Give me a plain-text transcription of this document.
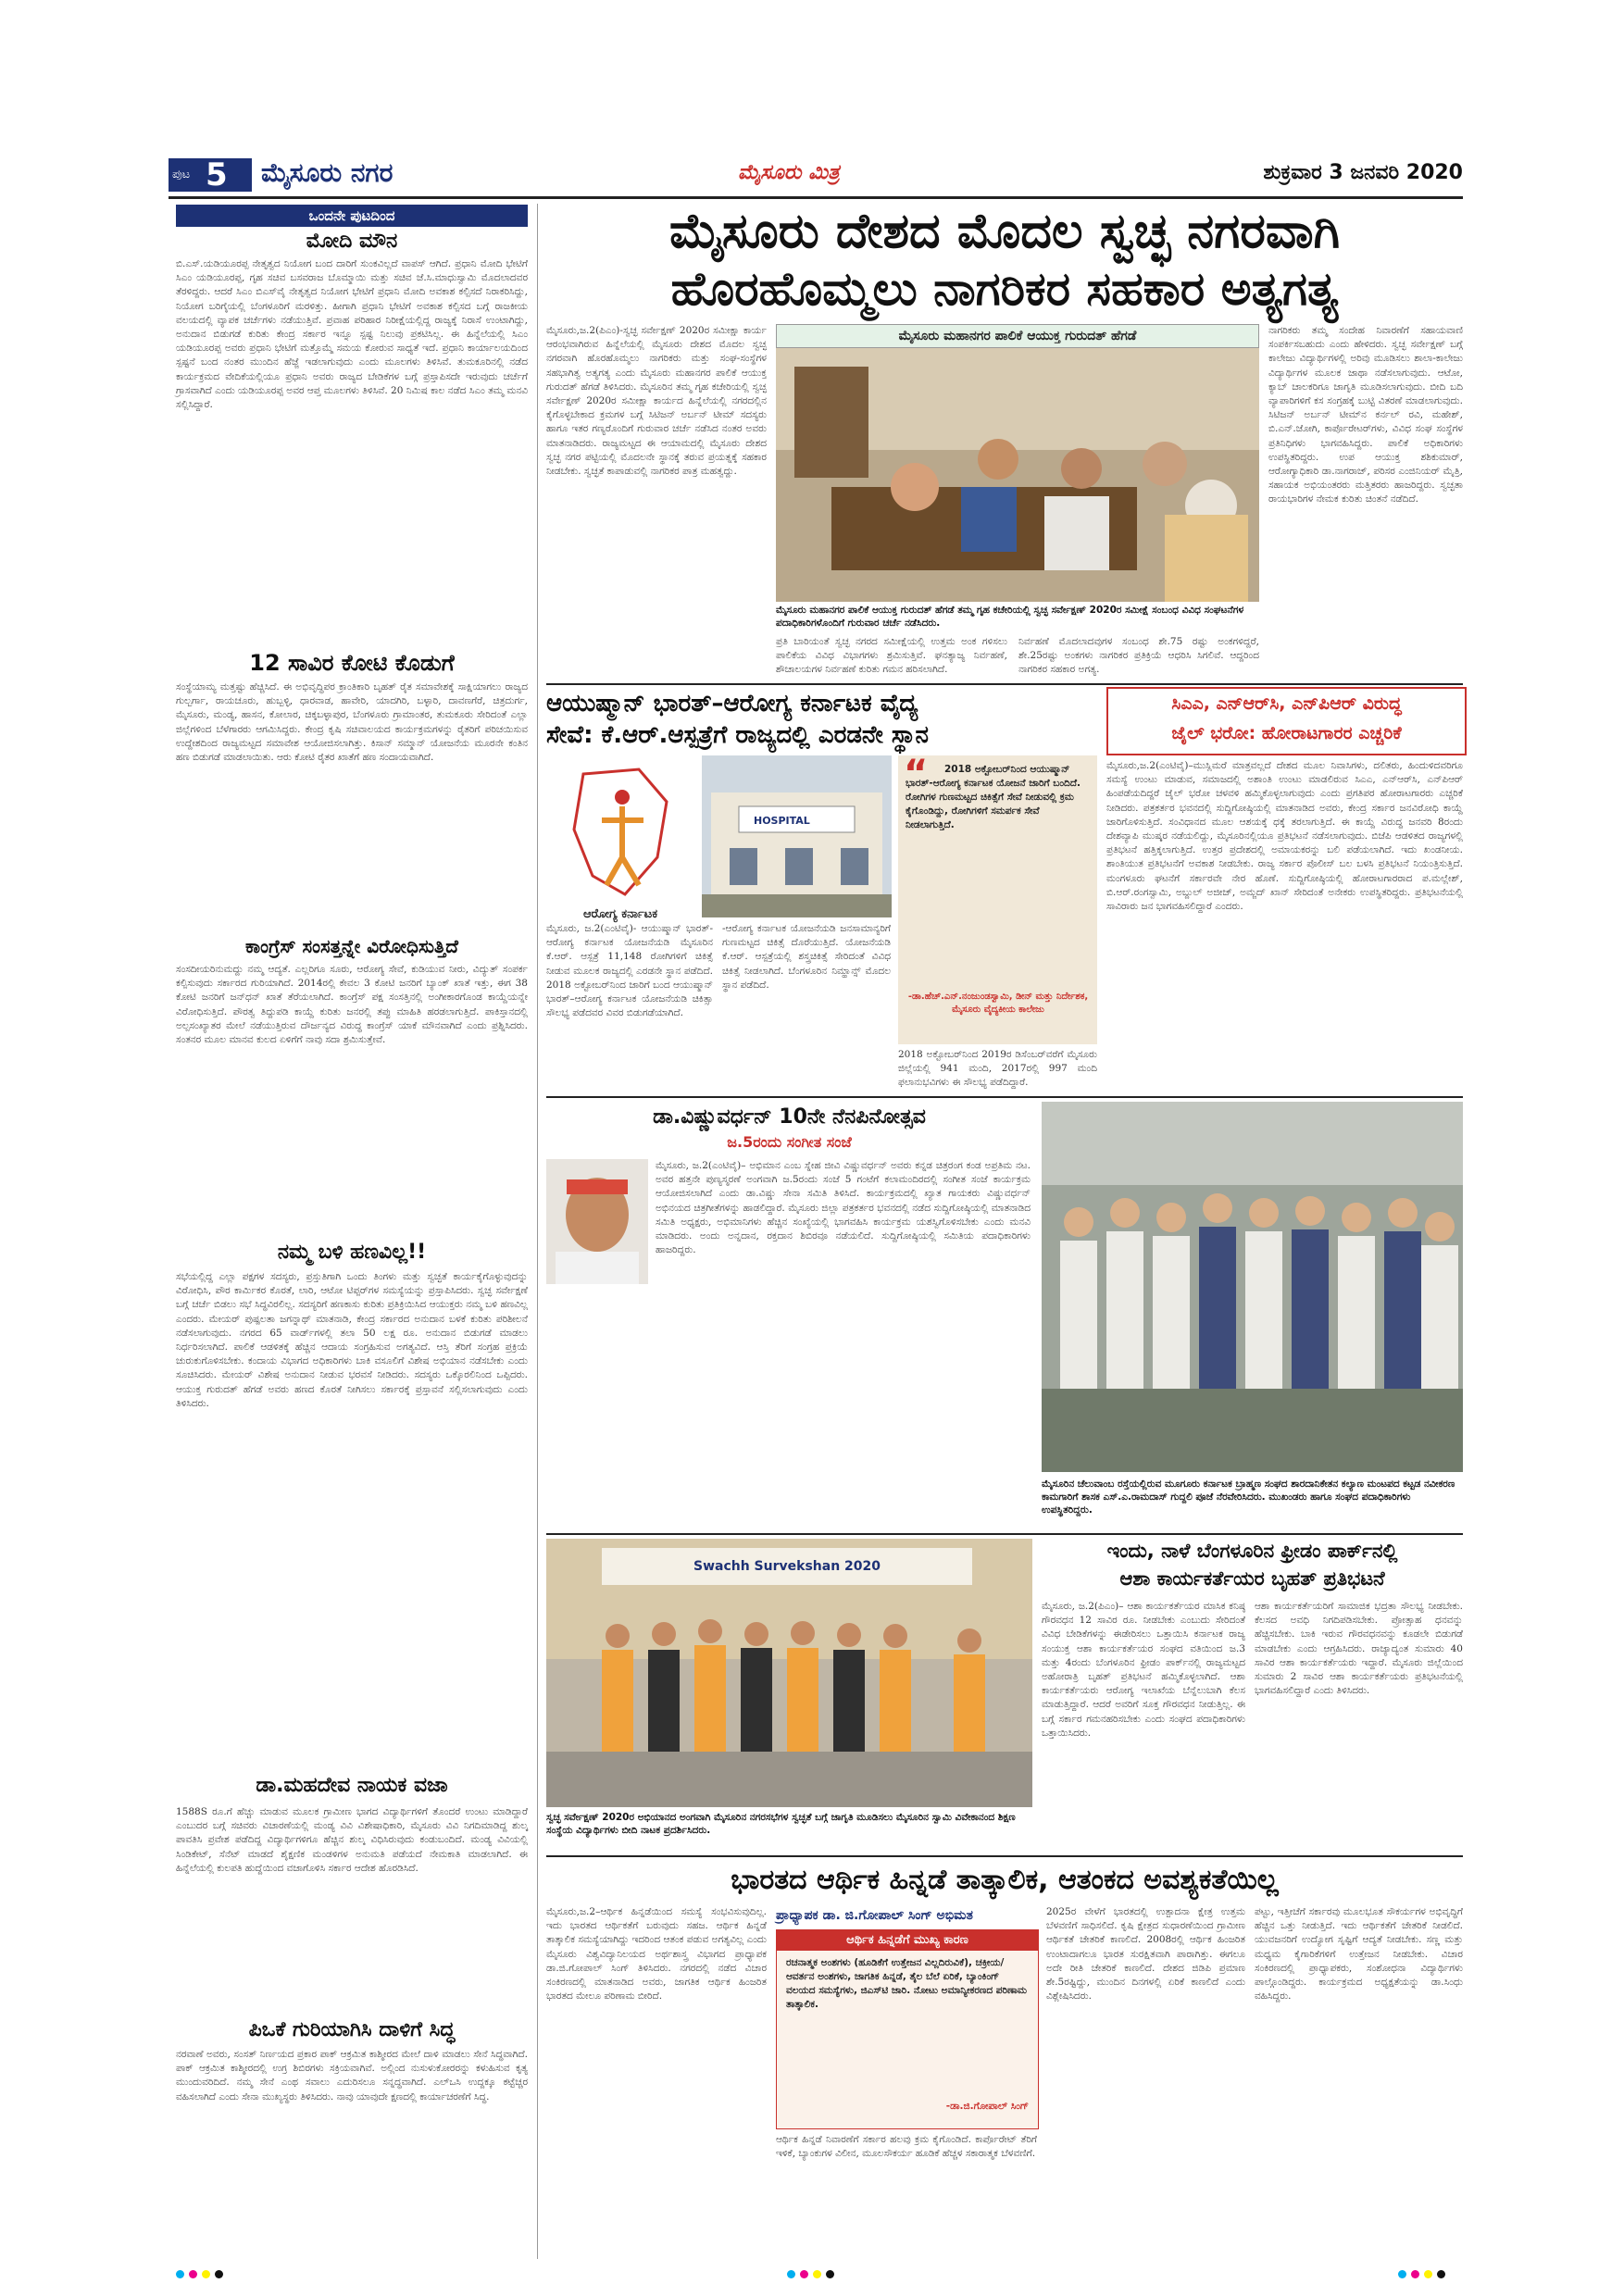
ಪುಟ 5 ಮೈಸೂರು ನಗರ	ಮೈಸೂರು ಮಿತ್ರ	ಶುಕ್ರವಾರ 3 ಜನವರಿ 2020
ಒಂದನೇ ಪುಟದಿಂದ
ಮೋದಿ ಮೌನ
ಬಿ.ಎಸ್.ಯಡಿಯೂರಪ್ಪ ನೇತೃತ್ವದ ನಿಯೋಗ ಬಂದ ದಾರಿಗೆ ಸುಂಕವಿಲ್ಲದೆ ವಾಪಸ್ ಆಗಿದೆ. ಪ್ರಧಾನಿ ಮೋದಿ ಭೇಟಿಗೆ ಸಿಎಂ ಯಡಿಯೂರಪ್ಪ, ಗೃಹ ಸಚಿವ ಬಸವರಾಜ ಬೊಮ್ಮಾಯಿ ಮತ್ತು ಸಚಿವ ಜೆ.ಸಿ.ಮಾಧುಸ್ವಾಮಿ ಮೊದಲಾದವರ ತೆರಳಿದ್ದರು. ಆದರೆ ಸಿಎಂ ಬಿಎಸ್‌ವೈ ನೇತೃತ್ವದ ನಿಯೋಗ ಭೇಟಿಗೆ ಪ್ರಧಾನಿ ಮೋದಿ ಅವಕಾಶ ಕಲ್ಪಿಸದೆ ನಿರಾಕರಿಸಿದ್ದು, ನಿಯೋಗ ಬರಿಗೈಯಲ್ಲಿ ಬೆಂಗಳೂರಿಗೆ ಮರಳಿತ್ತು. ಹೀಗಾಗಿ ಪ್ರಧಾನಿ ಭೇಟಿಗೆ ಅವಕಾಶ ಕಲ್ಪಿಸದ ಬಗ್ಗೆ ರಾಜಕೀಯ ವಲಯದಲ್ಲಿ ವ್ಯಾಪಕ ಚರ್ಚೆಗಳು ನಡೆಯುತ್ತಿವೆ. ಪ್ರವಾಹ ಪರಿಹಾರ ನಿರೀಕ್ಷೆಯಲ್ಲಿದ್ದ ರಾಜ್ಯಕ್ಕೆ ನಿರಾಸೆ ಉಂಟಾಗಿದ್ದು, ಅನುದಾನ ಬಿಡುಗಡೆ ಕುರಿತು ಕೇಂದ್ರ ಸರ್ಕಾರ ಇನ್ನೂ ಸ್ಪಷ್ಟ ನಿಲುವು ಪ್ರಕಟಿಸಿಲ್ಲ. ಈ ಹಿನ್ನೆಲೆಯಲ್ಲಿ ಸಿಎಂ ಯಡಿಯೂರಪ್ಪ ಅವರು ಪ್ರಧಾನಿ ಭೇಟಿಗೆ ಮತ್ತೊಮ್ಮೆ ಸಮಯ ಕೋರುವ ಸಾಧ್ಯತೆ ಇದೆ. ಪ್ರಧಾನಿ ಕಾರ್ಯಾಲಯದಿಂದ ಸ್ಪಷ್ಟನೆ ಬಂದ ನಂತರ ಮುಂದಿನ ಹೆಜ್ಜೆ ಇಡಲಾಗುವುದು ಎಂದು ಮೂಲಗಳು ತಿಳಿಸಿವೆ. ತುಮಕೂರಿನಲ್ಲಿ ನಡೆದ ಕಾರ್ಯಕ್ರಮದ ವೇದಿಕೆಯಲ್ಲಿಯೂ ಪ್ರಧಾನಿ ಅವರು ರಾಜ್ಯದ ಬೇಡಿಕೆಗಳ ಬಗ್ಗೆ ಪ್ರಸ್ತಾಪಿಸದೇ ಇರುವುದು ಚರ್ಚೆಗೆ ಗ್ರಾಸವಾಗಿದೆ ಎಂದು ಯಡಿಯೂರಪ್ಪ ಅವರ ಆಪ್ತ ಮೂಲಗಳು ತಿಳಿಸಿವೆ. 20 ನಿಮಿಷ ಕಾಲ ನಡೆದ ಸಿಎಂ ತಮ್ಮ ಮನವಿ ಸಲ್ಲಿಸಿದ್ದಾರೆ.
12 ಸಾವಿರ ಕೋಟಿ ಕೊಡುಗೆ
ಸಂಸ್ಥೆಯಾಮ್ಯ ಮತ್ತಷ್ಟು ಹೆಚ್ಚಿಸಿದೆ. ಈ ಅಭಿವೃದ್ಧಿಪರ ಕ್ರಾಂತಿಕಾರಿ ಬೃಹತ್ ರೈತ ಸಮಾವೇಶಕ್ಕೆ ಸಾಕ್ಷಿಯಾಗಲು ರಾಜ್ಯದ ಗುಲ್ಬರ್ಗಾ, ರಾಯಚೂರು, ಹುಬ್ಬಳ್ಳಿ, ಧಾರವಾಡ, ಹಾವೇರಿ, ಯಾದಗಿರಿ, ಬಳ್ಳಾರಿ, ದಾವಣಗೆರೆ, ಚಿತ್ರದುರ್ಗ, ಮೈಸೂರು, ಮಂಡ್ಯ, ಹಾಸನ, ಕೋಲಾರ, ಚಿಕ್ಕಬಳ್ಳಾಪುರ, ಬೆಂಗಳೂರು ಗ್ರಾಮಾಂತರ, ತುಮಕೂರು ಸೇರಿದಂತೆ ಎಲ್ಲಾ ಜಿಲ್ಲೆಗಳಿಂದ ಬೆಳೆಗಾರರು ಆಗಮಿಸಿದ್ದರು. ಕೇಂದ್ರ ಕೃಷಿ ಸಚಿವಾಲಯದ ಕಾರ್ಯಕ್ರಮಗಳನ್ನು ರೈತರಿಗೆ ಪರಿಚಯಿಸುವ ಉದ್ದೇಶದಿಂದ ರಾಜ್ಯಮಟ್ಟದ ಸಮಾವೇಶ ಆಯೋಜಿಸಲಾಗಿತ್ತು. ಕಿಸಾನ್ ಸಮ್ಮಾನ್ ಯೋಜನೆಯ ಮೂರನೇ ಕಂತಿನ ಹಣ ಬಿಡುಗಡೆ ಮಾಡಲಾಯಿತು. ಆರು ಕೋಟಿ ರೈತರ ಖಾತೆಗೆ ಹಣ ಸಂದಾಯವಾಗಿದೆ.
ಕಾಂಗ್ರೆಸ್ ಸಂಸತ್ತನ್ನೇ ವಿರೋಧಿಸುತ್ತಿದೆ
ಸಂಸದೀಯರಿನುಮದ್ದು ನಮ್ಮ ಆದ್ಯತೆ. ಎಲ್ಲರಿಗೂ ಸೂರು, ಆರೋಗ್ಯ ಸೇವೆ, ಕುಡಿಯುವ ನೀರು, ವಿದ್ಯುತ್ ಸಂಪರ್ಕ ಕಲ್ಪಿಸುವುದು ಸರ್ಕಾರದ ಗುರಿಯಾಗಿದೆ. 2014ರಲ್ಲಿ ಕೇವಲ 3 ಕೋಟಿ ಜನರಿಗೆ ಬ್ಯಾಂಕ್ ಖಾತೆ ಇತ್ತು, ಈಗ 38 ಕೋಟಿ ಜನರಿಗೆ ಜನ್‌ಧನ್ ಖಾತೆ ತೆರೆಯಲಾಗಿದೆ. ಕಾಂಗ್ರೆಸ್ ಪಕ್ಷ ಸಂಸತ್ತಿನಲ್ಲಿ ಅಂಗೀಕಾರಗೊಂಡ ಕಾಯ್ದೆಯನ್ನೇ ವಿರೋಧಿಸುತ್ತಿದೆ. ಪೌರತ್ವ ತಿದ್ದುಪಡಿ ಕಾಯ್ದೆ ಕುರಿತು ಜನರಲ್ಲಿ ತಪ್ಪು ಮಾಹಿತಿ ಹರಡಲಾಗುತ್ತಿದೆ. ಪಾಕಿಸ್ತಾನದಲ್ಲಿ ಅಲ್ಪಸಂಖ್ಯಾತರ ಮೇಲೆ ನಡೆಯುತ್ತಿರುವ ದೌರ್ಜನ್ಯದ ವಿರುದ್ಧ ಕಾಂಗ್ರೆಸ್ ಯಾಕೆ ಮೌನವಾಗಿದೆ ಎಂದು ಪ್ರಶ್ನಿಸಿದರು. ಸಂತನರ ಮೂಲ ಮಾನವ ಕುಲದ ಏಳಿಗೆಗೆ ನಾವು ಸದಾ ಶ್ರಮಿಸುತ್ತೇವೆ.
ನಮ್ಮ ಬಳಿ ಹಣವಿಲ್ಲ!!
ಸಭೆಯಲ್ಲಿದ್ದ ಎಲ್ಲಾ ಪಕ್ಷಗಳ ಸದಸ್ಯರು, ಪ್ರಸ್ತುತಿಗಾಗಿ ಒಂದು ತಿಂಗಳು ಮತ್ತು ಸ್ವಚ್ಛತೆ ಕಾರ್ಯಕೈಗೊಳ್ಳುವುದನ್ನು ವಿರೋಧಿಸಿ, ಪೌರ ಕಾರ್ಮಿಕರ ಕೊರತೆ, ಲಾರಿ, ಆಟೋ ಟಿಪ್ಪರ್‌ಗಳ ಸಮಸ್ಯೆಯನ್ನು ಪ್ರಸ್ತಾಪಿಸಿದರು. ಸ್ವಚ್ಛ ಸರ್ವೇಕ್ಷಣೆ ಬಗ್ಗೆ ಚರ್ಚೆ ಬಿಡಲು ಸಭೆ ಸಿದ್ಧವಿರಲಿಲ್ಲ. ಸದಸ್ಯರಿಗೆ ಹಣಕಾಸು ಕುರಿತು ಪ್ರತಿಕ್ರಿಯಿಸಿದ ಆಯುಕ್ತರು ನಮ್ಮ ಬಳಿ ಹಣವಿಲ್ಲ ಎಂದರು. ಮೇಯರ್ ಪುಷ್ಪಲತಾ ಜಗನ್ನಾಥ್ ಮಾತನಾಡಿ, ಕೇಂದ್ರ ಸರ್ಕಾರದ ಅನುದಾನ ಬಳಕೆ ಕುರಿತು ಪರಿಶೀಲನೆ ನಡೆಸಲಾಗುವುದು. ನಗರದ 65 ವಾರ್ಡ್‌ಗಳಲ್ಲಿ ತಲಾ 50 ಲಕ್ಷ ರೂ. ಅನುದಾನ ಬಿಡುಗಡೆ ಮಾಡಲು ನಿರ್ಧರಿಸಲಾಗಿದೆ. ಪಾಲಿಕೆ ಆಡಳಿತಕ್ಕೆ ಹೆಚ್ಚಿನ ಆದಾಯ ಸಂಗ್ರಹಿಸುವ ಅಗತ್ಯವಿದೆ. ಆಸ್ತಿ ತೆರಿಗೆ ಸಂಗ್ರಹ ಪ್ರಕ್ರಿಯೆ ಚುರುಕುಗೊಳಿಸಬೇಕು. ಕಂದಾಯ ವಿಭಾಗದ ಅಧಿಕಾರಿಗಳು ಬಾಕಿ ವಸೂಲಿಗೆ ವಿಶೇಷ ಅಭಿಯಾನ ನಡೆಸಬೇಕು ಎಂದು ಸೂಚಿಸಿದರು. ಮೇಯರ್ ವಿಶೇಷ ಅನುದಾನ ನೀಡುವ ಭರವಸೆ ನೀಡಿದರು. ಸದಸ್ಯರು ಒಕ್ಕೊರಲಿನಿಂದ ಒಪ್ಪಿದರು. ಆಯುಕ್ತ ಗುರುದತ್ ಹೆಗಡೆ ಅವರು ಹಣದ ಕೊರತೆ ನೀಗಿಸಲು ಸರ್ಕಾರಕ್ಕೆ ಪ್ರಸ್ತಾವನೆ ಸಲ್ಲಿಸಲಾಗುವುದು ಎಂದು ತಿಳಿಸಿದರು.
ಡಾ.ಮಹದೇವ ನಾಯಕ ವಜಾ
1588S ರೂ.ಗೆ ಹೆಚ್ಚು ಮಾಡುವ ಮೂಲಕ ಗ್ರಾಮೀಣ ಭಾಗದ ವಿದ್ಯಾರ್ಥಿಗಳಿಗೆ ತೊಂದರೆ ಉಂಟು ಮಾಡಿದ್ದಾರೆ ಎಂಬುದರ ಬಗ್ಗೆ ಸಚಿವರು ವಿಚಾರಣೆಯಲ್ಲಿ ಮಂಡ್ಯ ವಿವಿ ವಿಶೇಷಾಧಿಕಾರಿ, ಮೈಸೂರು ವಿವಿ ನಿಗದಿಮಾಡಿದ್ದ ಶುಲ್ಕ ಪಾವತಿಸಿ ಪ್ರವೇಶ ಪಡೆದಿದ್ದ ವಿದ್ಯಾರ್ಥಿಗಳಿಗೂ ಹೆಚ್ಚಿನ ಶುಲ್ಕ ವಿಧಿಸಿರುವುದು ಕಂಡುಬಂದಿದೆ. ಮಂಡ್ಯ ವಿವಿಯಲ್ಲಿ ಸಿಂಡಿಕೇಟ್, ಸೆನೆಟ್ ಮಾಡದೆ ಶೈಕ್ಷಣಿಕ ಮಂಡಳಿಗಳ ಅನುಮತಿ ಪಡೆಯದೆ ನೇಮಕಾತಿ ಮಾಡಲಾಗಿದೆ. ಈ ಹಿನ್ನೆಲೆಯಲ್ಲಿ ಕುಲಪತಿ ಹುದ್ದೆಯಿಂದ ವಜಾಗೊಳಿಸಿ ಸರ್ಕಾರ ಆದೇಶ ಹೊರಡಿಸಿದೆ.
ಪಿಒಕೆ ಗುರಿಯಾಗಿಸಿ ದಾಳಿಗೆ ಸಿದ್ಧ
ನರವಾಣೆ ಅವರು, ಸಂಸತ್ ನಿರ್ಣಯದ ಪ್ರಕಾರ ಪಾಕ್ ಆಕ್ರಮಿತ ಕಾಶ್ಮೀರದ ಮೇಲೆ ದಾಳಿ ಮಾಡಲು ಸೇನೆ ಸಿದ್ಧವಾಗಿದೆ. ಪಾಕ್ ಆಕ್ರಮಿತ ಕಾಶ್ಮೀರದಲ್ಲಿ ಉಗ್ರ ಶಿಬಿರಗಳು ಸಕ್ರಿಯವಾಗಿವೆ. ಅಲ್ಲಿಂದ ನುಸುಳುಕೋರರನ್ನು ಕಳುಹಿಸುವ ಕೃತ್ಯ ಮುಂದುವರಿದಿದೆ. ನಮ್ಮ ಸೇನೆ ಎಂಥ ಸವಾಲು ಎದುರಿಸಲೂ ಸನ್ನದ್ಧವಾಗಿದೆ. ಎಲ್‌ಒಸಿ ಉದ್ದಕ್ಕೂ ಕಟ್ಟೆಚ್ಚರ ವಹಿಸಲಾಗಿದೆ ಎಂದು ಸೇನಾ ಮುಖ್ಯಸ್ಥರು ತಿಳಿಸಿದರು. ನಾವು ಯಾವುದೇ ಕ್ಷಣದಲ್ಲಿ ಕಾರ್ಯಾಚರಣೆಗೆ ಸಿದ್ಧ.
ಮೈಸೂರು ದೇಶದ ಮೊದಲ ಸ್ವಚ್ಛ ನಗರವಾಗಿ
ಹೊರಹೊಮ್ಮಲು ನಾಗರಿಕರ ಸಹಕಾರ ಅತ್ಯಗತ್ಯ
ಮೈಸೂರು,ಜ.2(ಪಿಎಂ)-ಸ್ವಚ್ಛ ಸರ್ವೇಕ್ಷಣ್ 2020ರ ಸಮೀಕ್ಷಾ ಕಾರ್ಯ ಆರಂಭವಾಗಿರುವ ಹಿನ್ನೆಲೆಯಲ್ಲಿ ಮೈಸೂರು ದೇಶದ ಮೊದಲ ಸ್ವಚ್ಛ ನಗರವಾಗಿ ಹೊರಹೊಮ್ಮಲು ನಾಗರಿಕರು ಮತ್ತು ಸಂಘ-ಸಂಸ್ಥೆಗಳ ಸಹಭಾಗಿತ್ವ ಅತ್ಯಗತ್ಯ ಎಂದು ಮೈಸೂರು ಮಹಾನಗರ ಪಾಲಿಕೆ ಆಯುಕ್ತ ಗುರುದತ್ ಹೆಗಡೆ ತಿಳಿಸಿದರು. ಮೈಸೂರಿನ ತಮ್ಮ ಗೃಹ ಕಚೇರಿಯಲ್ಲಿ ಸ್ವಚ್ಛ ಸರ್ವೇಕ್ಷಣ್ 2020ರ ಸಮೀಕ್ಷಾ ಕಾರ್ಯದ ಹಿನ್ನೆಲೆಯಲ್ಲಿ ನಗರದಲ್ಲಿನ ಕೈಗೊಳ್ಳಬೇಕಾದ ಕ್ರಮಗಳ ಬಗ್ಗೆ ಸಿಟಿಜನ್ ಅರ್ಬನ್ ಟೀಮ್ ಸದಸ್ಯರು ಹಾಗೂ ಇತರ ಗಣ್ಯರೊಂದಿಗೆ ಗುರುವಾರ ಚರ್ಚೆ ನಡೆಸಿದ ನಂತರ ಅವರು ಮಾತನಾಡಿದರು. ರಾಜ್ಯಮಟ್ಟದ ಈ ಆಯಾಮದಲ್ಲಿ ಮೈಸೂರು ದೇಶದ ಸ್ವಚ್ಛ ನಗರ ಪಟ್ಟಿಯಲ್ಲಿ ಮೊದಲನೇ ಸ್ಥಾನಕ್ಕೆ ತರುವ ಪ್ರಯತ್ನಕ್ಕೆ ಸಹಕಾರ ನೀಡಬೇಕು. ಸ್ವಚ್ಛತೆ ಕಾಪಾಡುವಲ್ಲಿ ನಾಗರಿಕರ ಪಾತ್ರ ಮಹತ್ವದ್ದು.
ಮೈಸೂರು ಮಹಾನಗರ ಪಾಲಿಕೆ ಆಯುಕ್ತ ಗುರುದತ್ ಹೆಗಡೆ
ಮೈಸೂರು ಮಹಾನಗರ ಪಾಲಿಕೆ ಆಯುಕ್ತ ಗುರುದತ್ ಹೆಗಡೆ ತಮ್ಮ ಗೃಹ ಕಚೇರಿಯಲ್ಲಿ ಸ್ವಚ್ಛ ಸರ್ವೇಕ್ಷಣ್ 2020ರ ಸಮೀಕ್ಷೆ ಸಂಬಂಧ ವಿವಿಧ ಸಂಘಟನೆಗಳ ಪದಾಧಿಕಾರಿಗಳೊಂದಿಗೆ ಗುರುವಾರ ಚರ್ಚೆ ನಡೆಸಿದರು.
ಪ್ರತಿ ಬಾರಿಯಂತೆ ಸ್ವಚ್ಛ ನಗರದ ಸಮೀಕ್ಷೆಯಲ್ಲಿ ಉತ್ತಮ ಅಂಕ ಗಳಿಸಲು ಪಾಲಿಕೆಯ ವಿವಿಧ ವಿಭಾಗಗಳು ಶ್ರಮಿಸುತ್ತಿವೆ. ಘನತ್ಯಾಜ್ಯ ನಿರ್ವಹಣೆ, ಶೌಚಾಲಯಗಳ ನಿರ್ವಹಣೆ ಕುರಿತು ಗಮನ ಹರಿಸಲಾಗಿದೆ.
ನಿರ್ವಹಣೆ ಮೊದಲಾದವುಗಳ ಸಂಬಂಧ ಶೇ.75 ರಷ್ಟು ಅಂಕಗಳಿದ್ದರೆ, ಶೇ.25ರಷ್ಟು ಅಂಕಗಳು ನಾಗರಿಕರ ಪ್ರತಿಕ್ರಿಯೆ ಆಧರಿಸಿ ಸಿಗಲಿವೆ. ಆದ್ದರಿಂದ ನಾಗರಿಕರ ಸಹಕಾರ ಅಗತ್ಯ.
ನಾಗರಿಕರು ತಮ್ಮ ಸಂದೇಹ ನಿವಾರಣೆಗೆ ಸಹಾಯವಾಣಿ ಸಂಪರ್ಕಿಸಬಹುದು ಎಂದು ಹೇಳಿದರು. ಸ್ವಚ್ಛ ಸರ್ವೇಕ್ಷಣ್ ಬಗ್ಗೆ ಕಾಲೇಜು ವಿದ್ಯಾರ್ಥಿಗಳಲ್ಲಿ ಅರಿವು ಮೂಡಿಸಲು ಶಾಲಾ-ಕಾಲೇಜು ವಿದ್ಯಾರ್ಥಿಗಳ ಮೂಲಕ ಜಾಥಾ ನಡೆಸಲಾಗುವುದು. ಆಟೋ, ಕ್ಯಾಬ್ ಚಾಲಕರಿಗೂ ಜಾಗೃತಿ ಮೂಡಿಸಲಾಗುವುದು. ಬೀದಿ ಬದಿ ವ್ಯಾಪಾರಿಗಳಿಗೆ ಕಸ ಸಂಗ್ರಹಕ್ಕೆ ಬುಟ್ಟಿ ವಿತರಣೆ ಮಾಡಲಾಗುವುದು. ಸಿಟಿಜನ್ ಅರ್ಬನ್ ಟೀಮ್‌ನ ಕರ್ನಲ್ ರವಿ, ಮಹೇಶ್, ಬಿ.ಎನ್.ಜೋಗಿ, ಕಾರ್ಪೊರೇಟರ್‌ಗಳು, ವಿವಿಧ ಸಂಘ ಸಂಸ್ಥೆಗಳ ಪ್ರತಿನಿಧಿಗಳು ಭಾಗವಹಿಸಿದ್ದರು. ಪಾಲಿಕೆ ಅಧಿಕಾರಿಗಳು ಉಪಸ್ಥಿತರಿದ್ದರು. ಉಪ ಆಯುಕ್ತ ಶಶಿಕುಮಾರ್, ಆರೋಗ್ಯಾಧಿಕಾರಿ ಡಾ.ನಾಗರಾಜ್, ಪರಿಸರ ಎಂಜಿನಿಯರ್ ಮೈತ್ರಿ, ಸಹಾಯಕ ಅಭಿಯಂತರರು ಮತ್ತಿತರರು ಹಾಜರಿದ್ದರು. ಸ್ವಚ್ಛತಾ ರಾಯಭಾರಿಗಳ ನೇಮಕ ಕುರಿತು ಚಿಂತನೆ ನಡೆದಿದೆ.
ಆಯುಷ್ಮಾನ್ ಭಾರತ್–ಆರೋಗ್ಯ ಕರ್ನಾಟಕ ವೈದ್ಯ
ಸೇವೆ: ಕೆ.ಆರ್.ಆಸ್ಪತ್ರೆಗೆ ರಾಜ್ಯದಲ್ಲಿ ಎರಡನೇ ಸ್ಥಾನ
ಆರೋಗ್ಯ ಕರ್ನಾಟಕ
HOSPITAL
“	2018 ಅಕ್ಟೋಬರ್‌ನಿಂದ ಆಯುಷ್ಮಾನ್ ಭಾರತ್-ಆರೋಗ್ಯ ಕರ್ನಾಟಕ ಯೋಜನೆ ಜಾರಿಗೆ ಬಂದಿದೆ. ರೋಗಿಗಳ ಗುಣಮಟ್ಟದ ಚಿಕಿತ್ಸೆಗೆ ಸೇವೆ ನೀಡುವಲ್ಲಿ ಕ್ರಮ ಕೈಗೊಂಡಿದ್ದು, ರೋಗಿಗಳಿಗೆ ಸಮರ್ಪಕ ಸೇವೆ ನೀಡಲಾಗುತ್ತಿದೆ.
-ಡಾ.ಹೆಚ್.ಎನ್.ನಂಜುಂಡಸ್ವಾಮಿ, ಡೀನ್ ಮತ್ತು ನಿರ್ದೇಶಕ, ಮೈಸೂರು ವೈದ್ಯಕೀಯ ಕಾಲೇಜು
ಮೈಸೂರು, ಜ.2(ಎಂಟಿವೈ)- ಆಯುಷ್ಮಾನ್ ಭಾರತ್-ಆರೋಗ್ಯ ಕರ್ನಾಟಕ ಯೋಜನೆಯಡಿ ಮೈಸೂರಿನ ಕೆ.ಆರ್. ಆಸ್ಪತ್ರೆ 11,148 ರೋಗಿಗಳಿಗೆ ಚಿಕಿತ್ಸೆ ನೀಡುವ ಮೂಲಕ ರಾಜ್ಯದಲ್ಲಿ ಎರಡನೇ ಸ್ಥಾನ ಪಡೆದಿದೆ. 2018 ಅಕ್ಟೋಬರ್‌ನಿಂದ ಜಾರಿಗೆ ಬಂದ ಆಯುಷ್ಮಾನ್ ಭಾರತ್–ಆರೋಗ್ಯ ಕರ್ನಾಟಕ ಯೋಜನೆಯಡಿ ಚಿಕಿತ್ಸಾ ಸೌಲಭ್ಯ ಪಡೆದವರ ವಿವರ ಬಿಡುಗಡೆಯಾಗಿದೆ.
-ಆರೋಗ್ಯ ಕರ್ನಾಟಕ ಯೋಜನೆಯಡಿ ಜನಸಾಮಾನ್ಯರಿಗೆ ಗುಣಮಟ್ಟದ ಚಿಕಿತ್ಸೆ ದೊರೆಯುತ್ತಿದೆ. ಯೋಜನೆಯಡಿ ಕೆ.ಆರ್. ಆಸ್ಪತ್ರೆಯಲ್ಲಿ ಶಸ್ತ್ರಚಿಕಿತ್ಸೆ ಸೇರಿದಂತೆ ವಿವಿಧ ಚಿಕಿತ್ಸೆ ನೀಡಲಾಗಿದೆ. ಬೆಂಗಳೂರಿನ ನಿಮ್ಹಾನ್ಸ್ ಮೊದಲ ಸ್ಥಾನ ಪಡೆದಿದೆ.
2018 ಅಕ್ಟೋಬರ್‌ನಿಂದ 2019ರ ಡಿಸೆಂಬರ್‌ವರೆಗೆ ಮೈಸೂರು ಜಿಲ್ಲೆಯಲ್ಲಿ 941 ಮಂದಿ, 2017ರಲ್ಲಿ 997 ಮಂದಿ ಫಲಾನುಭವಿಗಳು ಈ ಸೌಲಭ್ಯ ಪಡೆದಿದ್ದಾರೆ.
ಸಿಎಎ, ಎನ್‌ಆರ್‌ಸಿ, ಎನ್‌ಪಿಆರ್ ವಿರುದ್ಧ
ಜೈಲ್ ಭರೋ: ಹೋರಾಟಗಾರರ ಎಚ್ಚರಿಕೆ
ಮೈಸೂರು,ಜ.2(ಎಂಟಿವೈ)–ಮುಸ್ಲಿಮರೆ ಮಾತ್ರವಲ್ಲದೆ ದೇಶದ ಮೂಲ ನಿವಾಸಿಗಳು, ದಲಿತರು, ಹಿಂದುಳಿದವರಿಗೂ ಸಮಸ್ಯೆ ಉಂಟು ಮಾಡುವ, ಸಮಾಜದಲ್ಲಿ ಅಶಾಂತಿ ಉಂಟು ಮಾಡಲಿರುವ ಸಿಎಎ, ಎನ್‌ಆರ್‌ಸಿ, ಎನ್‌ಪಿಆರ್ ಹಿಂಪಡೆಯದಿದ್ದರೆ ಜೈಲ್ ಭರೋ ಚಳವಳಿ ಹಮ್ಮಿಕೊಳ್ಳಲಾಗುವುದು ಎಂದು ಪ್ರಗತಿಪರ ಹೋರಾಟಗಾರರು ಎಚ್ಚರಿಕೆ ನೀಡಿದರು. ಪತ್ರಕರ್ತರ ಭವನದಲ್ಲಿ ಸುದ್ದಿಗೋಷ್ಠಿಯಲ್ಲಿ ಮಾತನಾಡಿದ ಅವರು, ಕೇಂದ್ರ ಸರ್ಕಾರ ಜನವಿರೋಧಿ ಕಾಯ್ದೆ ಜಾರಿಗೊಳಿಸುತ್ತಿದೆ. ಸಂವಿಧಾನದ ಮೂಲ ಆಶಯಕ್ಕೆ ಧಕ್ಕೆ ತರಲಾಗುತ್ತಿದೆ. ಈ ಕಾಯ್ದೆ ವಿರುದ್ಧ ಜನವರಿ 8ರಂದು ದೇಶವ್ಯಾಪಿ ಮುಷ್ಕರ ನಡೆಯಲಿದ್ದು, ಮೈಸೂರಿನಲ್ಲಿಯೂ ಪ್ರತಿಭಟನೆ ನಡೆಸಲಾಗುವುದು. ಬಿಜೆಪಿ ಆಡಳಿತದ ರಾಜ್ಯಗಳಲ್ಲಿ ಪ್ರತಿಭಟನೆ ಹತ್ತಿಕ್ಕಲಾಗುತ್ತಿದೆ. ಉತ್ತರ ಪ್ರದೇಶದಲ್ಲಿ ಅಮಾಯಕರನ್ನು ಬಲಿ ಪಡೆಯಲಾಗಿದೆ. ಇದು ಖಂಡನೀಯ. ಶಾಂತಿಯುತ ಪ್ರತಿಭಟನೆಗೆ ಅವಕಾಶ ನೀಡಬೇಕು. ರಾಜ್ಯ ಸರ್ಕಾರ ಪೊಲೀಸ್ ಬಲ ಬಳಸಿ ಪ್ರತಿಭಟನೆ ನಿಯಂತ್ರಿಸುತ್ತಿದೆ. ಮಂಗಳೂರು ಘಟನೆಗೆ ಸರ್ಕಾರವೇ ನೇರ ಹೊಣೆ. ಸುದ್ದಿಗೋಷ್ಠಿಯಲ್ಲಿ ಹೋರಾಟಗಾರರಾದ ಪ.ಮಲ್ಲೇಶ್, ಬಿ.ಆರ್.ರಂಗಸ್ವಾಮಿ, ಅಬ್ದುಲ್ ಅಜೀಜ್, ಅಮ್ಜದ್ ಖಾನ್ ಸೇರಿದಂತೆ ಅನೇಕರು ಉಪಸ್ಥಿತರಿದ್ದರು. ಪ್ರತಿಭಟನೆಯಲ್ಲಿ ಸಾವಿರಾರು ಜನ ಭಾಗವಹಿಸಲಿದ್ದಾರೆ ಎಂದರು.
ಡಾ.ವಿಷ್ಣುವರ್ಧನ್ 10ನೇ ನೆನಪಿನೋತ್ಸವ
ಜ.5ರಂದು ಸಂಗೀತ ಸಂಜೆ
ಮೈಸೂರು, ಜ.2(ಎಂಟಿವೈ)– ಅಭಿಮಾನ ಎಂಬ ಸ್ನೇಹ ಜೀವಿ ವಿಷ್ಣುವರ್ಧನ್ ಅವರು ಕನ್ನಡ ಚಿತ್ರರಂಗ ಕಂಡ ಅಪ್ರತಿಮ ನಟ. ಅವರ ಹತ್ತನೇ ಪುಣ್ಯಸ್ಮರಣೆ ಅಂಗವಾಗಿ ಜ.5ರಂದು ಸಂಜೆ 5 ಗಂಟೆಗೆ ಕಲಾಮಂದಿರದಲ್ಲಿ ಸಂಗೀತ ಸಂಜೆ ಕಾರ್ಯಕ್ರಮ ಆಯೋಜಿಸಲಾಗಿದೆ ಎಂದು ಡಾ.ವಿಷ್ಣು ಸೇನಾ ಸಮಿತಿ ತಿಳಿಸಿದೆ. ಕಾರ್ಯಕ್ರಮದಲ್ಲಿ ಖ್ಯಾತ ಗಾಯಕರು ವಿಷ್ಣುವರ್ಧನ್ ಅಭಿನಯದ ಚಿತ್ರಗೀತೆಗಳನ್ನು ಹಾಡಲಿದ್ದಾರೆ. ಮೈಸೂರು ಜಿಲ್ಲಾ ಪತ್ರಕರ್ತರ ಭವನದಲ್ಲಿ ನಡೆದ ಸುದ್ದಿಗೋಷ್ಠಿಯಲ್ಲಿ ಮಾತನಾಡಿದ ಸಮಿತಿ ಅಧ್ಯಕ್ಷರು, ಅಭಿಮಾನಿಗಳು ಹೆಚ್ಚಿನ ಸಂಖ್ಯೆಯಲ್ಲಿ ಭಾಗವಹಿಸಿ ಕಾರ್ಯಕ್ರಮ ಯಶಸ್ವಿಗೊಳಿಸಬೇಕು ಎಂದು ಮನವಿ ಮಾಡಿದರು. ಅಂದು ಅನ್ನದಾನ, ರಕ್ತದಾನ ಶಿಬಿರವೂ ನಡೆಯಲಿದೆ. ಸುದ್ದಿಗೋಷ್ಠಿಯಲ್ಲಿ ಸಮಿತಿಯ ಪದಾಧಿಕಾರಿಗಳು ಹಾಜರಿದ್ದರು.
ಮೈಸೂರಿನ ಚೆಲುವಾಂಬ ರಸ್ತೆಯಲ್ಲಿರುವ ಮೂಗೂರು ಕರ್ನಾಟಕ ಬ್ರಾಹ್ಮಣ ಸಂಘದ ಶಾರದಾನಿಕೇತನ ಕಲ್ಯಾಣ ಮಂಟಪದ ಕಟ್ಟಡ ನವೀಕರಣ ಕಾಮಗಾರಿಗೆ ಶಾಸಕ ಎಸ್.ಎ.ರಾಮದಾಸ್ ಗುದ್ದಲಿ ಪೂಜೆ ನೆರವೇರಿಸಿದರು. ಮುಖಂಡರು ಹಾಗೂ ಸಂಘದ ಪದಾಧಿಕಾರಿಗಳು ಉಪಸ್ಥಿತರಿದ್ದರು.
Swachh Survekshan 2020
ಸ್ವಚ್ಛ ಸರ್ವೇಕ್ಷಣ್ 2020ರ ಅಭಿಯಾನದ ಅಂಗವಾಗಿ ಮೈಸೂರಿನ ನಗರಸಭೆಗಳ ಸ್ವಚ್ಛತೆ ಬಗ್ಗೆ ಜಾಗೃತಿ ಮೂಡಿಸಲು ಮೈಸೂರಿನ ಸ್ವಾಮಿ ವಿವೇಕಾನಂದ ಶಿಕ್ಷಣ ಸಂಸ್ಥೆಯ ವಿದ್ಯಾರ್ಥಿಗಳು ಬೀದಿ ನಾಟಕ ಪ್ರದರ್ಶಿಸಿದರು.
ಇಂದು, ನಾಳೆ ಬೆಂಗಳೂರಿನ ಫ್ರೀಡಂ ಪಾರ್ಕ್‌ನಲ್ಲಿ
ಆಶಾ ಕಾರ್ಯಕರ್ತೆಯರ ಬೃಹತ್ ಪ್ರತಿಭಟನೆ
ಮೈಸೂರು, ಜ.2(ಪಿಎಂ)– ಆಶಾ ಕಾರ್ಯಕರ್ತೆಯರ ಮಾಸಿಕ ಕನಿಷ್ಠ ಗೌರವಧನ 12 ಸಾವಿರ ರೂ. ನೀಡಬೇಕು ಎಂಬುದು ಸೇರಿದಂತೆ ವಿವಿಧ ಬೇಡಿಕೆಗಳನ್ನು ಈಡೇರಿಸಲು ಒತ್ತಾಯಿಸಿ ಕರ್ನಾಟಕ ರಾಜ್ಯ ಸಂಯುಕ್ತ ಆಶಾ ಕಾರ್ಯಕರ್ತೆಯರ ಸಂಘದ ವತಿಯಿಂದ ಜ.3 ಮತ್ತು 4ರಂದು ಬೆಂಗಳೂರಿನ ಫ್ರೀಡಂ ಪಾರ್ಕ್‌ನಲ್ಲಿ ರಾಜ್ಯಮಟ್ಟದ ಅಹೋರಾತ್ರಿ ಬೃಹತ್ ಪ್ರತಿಭಟನೆ ಹಮ್ಮಿಕೊಳ್ಳಲಾಗಿದೆ. ಆಶಾ ಕಾರ್ಯಕರ್ತೆಯರು ಆರೋಗ್ಯ ಇಲಾಖೆಯ ಬೆನ್ನೆಲುಬಾಗಿ ಕೆಲಸ ಮಾಡುತ್ತಿದ್ದಾರೆ. ಆದರೆ ಅವರಿಗೆ ಸೂಕ್ತ ಗೌರವಧನ ನೀಡುತ್ತಿಲ್ಲ. ಈ ಬಗ್ಗೆ ಸರ್ಕಾರ ಗಮನಹರಿಸಬೇಕು ಎಂದು ಸಂಘದ ಪದಾಧಿಕಾರಿಗಳು ಒತ್ತಾಯಿಸಿದರು.
ಆಶಾ ಕಾರ್ಯಕರ್ತೆಯರಿಗೆ ಸಾಮಾಜಿಕ ಭದ್ರತಾ ಸೌಲಭ್ಯ ನೀಡಬೇಕು. ಕೆಲಸದ ಅವಧಿ ನಿಗದಿಪಡಿಸಬೇಕು. ಪ್ರೋತ್ಸಾಹ ಧನವನ್ನು ಹೆಚ್ಚಿಸಬೇಕು. ಬಾಕಿ ಇರುವ ಗೌರವಧನವನ್ನು ಕೂಡಲೇ ಬಿಡುಗಡೆ ಮಾಡಬೇಕು ಎಂದು ಆಗ್ರಹಿಸಿದರು. ರಾಜ್ಯಾದ್ಯಂತ ಸುಮಾರು 40 ಸಾವಿರ ಆಶಾ ಕಾರ್ಯಕರ್ತೆಯರು ಇದ್ದಾರೆ. ಮೈಸೂರು ಜಿಲ್ಲೆಯಿಂದ ಸುಮಾರು 2 ಸಾವಿರ ಆಶಾ ಕಾರ್ಯಕರ್ತೆಯರು ಪ್ರತಿಭಟನೆಯಲ್ಲಿ ಭಾಗವಹಿಸಲಿದ್ದಾರೆ ಎಂದು ತಿಳಿಸಿದರು.
ಭಾರತದ ಆರ್ಥಿಕ ಹಿನ್ನಡೆ ತಾತ್ಕಾಲಿಕ, ಆತಂಕದ ಅವಶ್ಯಕತೆಯಿಲ್ಲ
ಮೈಸೂರು,ಜ.2–ಆರ್ಥಿಕ ಹಿನ್ನಡೆಯಿಂದ ಸಮಸ್ಯೆ ಸಂಭವಿಸುವುದಿಲ್ಲ. ಇದು ಭಾರತದ ಆರ್ಥಿಕತೆಗೆ ಬರುವುದು ಸಹಜ. ಆರ್ಥಿಕ ಹಿನ್ನಡೆ ತಾತ್ಕಾಲಿಕ ಸಮಸ್ಯೆಯಾಗಿದ್ದು ಇದರಿಂದ ಆತಂಕ ಪಡುವ ಅಗತ್ಯವಿಲ್ಲ ಎಂದು ಮೈಸೂರು ವಿಶ್ವವಿದ್ಯಾನಿಲಯದ ಅರ್ಥಶಾಸ್ತ್ರ ವಿಭಾಗದ ಪ್ರಾಧ್ಯಾಪಕ ಡಾ.ಜಿ.ಗೋಪಾಲ್ ಸಿಂಗ್ ತಿಳಿಸಿದರು. ನಗರದಲ್ಲಿ ನಡೆದ ವಿಚಾರ ಸಂಕಿರಣದಲ್ಲಿ ಮಾತನಾಡಿದ ಅವರು, ಜಾಗತಿಕ ಆರ್ಥಿಕ ಹಿಂಜರಿತ ಭಾರತದ ಮೇಲೂ ಪರಿಣಾಮ ಬೀರಿದೆ.
ಪ್ರಾಧ್ಯಾಪಕ ಡಾ. ಜಿ.ಗೋಪಾಲ್ ಸಿಂಗ್ ಅಭಿಮತ
ಆರ್ಥಿಕ ಹಿನ್ನಡೆಗೆ ಮುಖ್ಯ ಕಾರಣ
ರಚನಾತ್ಮಕ ಅಂಶಗಳು (ಹೂಡಿಕೆಗೆ ಉತ್ತೇಜನ ವಿಲ್ಲದಿರುವಿಕೆ), ಚಕ್ರೀಯ/ಆವರ್ತನ ಅಂಶಗಳು, ಜಾಗತಿಕ ಹಿನ್ನಡೆ, ತೈಲ ಬೆಲೆ ಏರಿಕೆ, ಬ್ಯಾಂಕಿಂಗ್ ವಲಯದ ಸಮಸ್ಯೆಗಳು, ಜಿಎಸ್‌ಟಿ ಜಾರಿ. ನೋಟು ಅಮಾನ್ಯೀಕರಣದ ಪರಿಣಾಮ ತಾತ್ಕಾಲಿಕ.
-ಡಾ.ಜಿ.ಗೋಪಾಲ್ ಸಿಂಗ್
ಆರ್ಥಿಕ ಹಿನ್ನಡೆ ನಿವಾರಣೆಗೆ ಸರ್ಕಾರ ಹಲವು ಕ್ರಮ ಕೈಗೊಂಡಿದೆ. ಕಾರ್ಪೊರೇಟ್ ತೆರಿಗೆ ಇಳಿಕೆ, ಬ್ಯಾಂಕುಗಳ ವಿಲೀನ, ಮೂಲಸೌಕರ್ಯ ಹೂಡಿಕೆ ಹೆಚ್ಚಳ ಸಕಾರಾತ್ಮಕ ಬೆಳವಣಿಗೆ.
2025ರ ವೇಳೆಗೆ ಭಾರತದಲ್ಲಿ ಉತ್ಪಾದನಾ ಕ್ಷೇತ್ರ ಉತ್ತಮ ಬೆಳವಣಿಗೆ ಸಾಧಿಸಲಿದೆ. ಕೃಷಿ ಕ್ಷೇತ್ರದ ಸುಧಾರಣೆಯಿಂದ ಗ್ರಾಮೀಣ ಆರ್ಥಿಕತೆ ಚೇತರಿಕೆ ಕಾಣಲಿದೆ. 2008ರಲ್ಲಿ ಆರ್ಥಿಕ ಹಿಂಜರಿತ ಉಂಟಾದಾಗಲೂ ಭಾರತ ಸುರಕ್ಷಿತವಾಗಿ ಪಾರಾಗಿತ್ತು. ಈಗಲೂ ಅದೇ ರೀತಿ ಚೇತರಿಕೆ ಕಾಣಲಿದೆ. ದೇಶದ ಜಿಡಿಪಿ ಪ್ರಮಾಣ ಶೇ.5ರಷ್ಟಿದ್ದು, ಮುಂದಿನ ದಿನಗಳಲ್ಲಿ ಏರಿಕೆ ಕಾಣಲಿದೆ ಎಂದು ವಿಶ್ಲೇಷಿಸಿದರು.
ಪಟ್ಟು, ಇತ್ತೀಚೆಗೆ ಸರ್ಕಾರವು ಮೂಲಭೂತ ಸೌಕರ್ಯಗಳ ಅಭಿವೃದ್ಧಿಗೆ ಹೆಚ್ಚಿನ ಒತ್ತು ನೀಡುತ್ತಿದೆ. ಇದು ಆರ್ಥಿಕತೆಗೆ ಚೇತರಿಕೆ ನೀಡಲಿದೆ. ಯುವಜನರಿಗೆ ಉದ್ಯೋಗ ಸೃಷ್ಟಿಗೆ ಆದ್ಯತೆ ನೀಡಬೇಕು. ಸಣ್ಣ ಮತ್ತು ಮಧ್ಯಮ ಕೈಗಾರಿಕೆಗಳಿಗೆ ಉತ್ತೇಜನ ನೀಡಬೇಕು. ವಿಚಾರ ಸಂಕಿರಣದಲ್ಲಿ ಪ್ರಾಧ್ಯಾಪಕರು, ಸಂಶೋಧನಾ ವಿದ್ಯಾರ್ಥಿಗಳು ಪಾಲ್ಗೊಂಡಿದ್ದರು. ಕಾರ್ಯಕ್ರಮದ ಅಧ್ಯಕ್ಷತೆಯನ್ನು ಡಾ.ಸಿಂಧು ವಹಿಸಿದ್ದರು.
